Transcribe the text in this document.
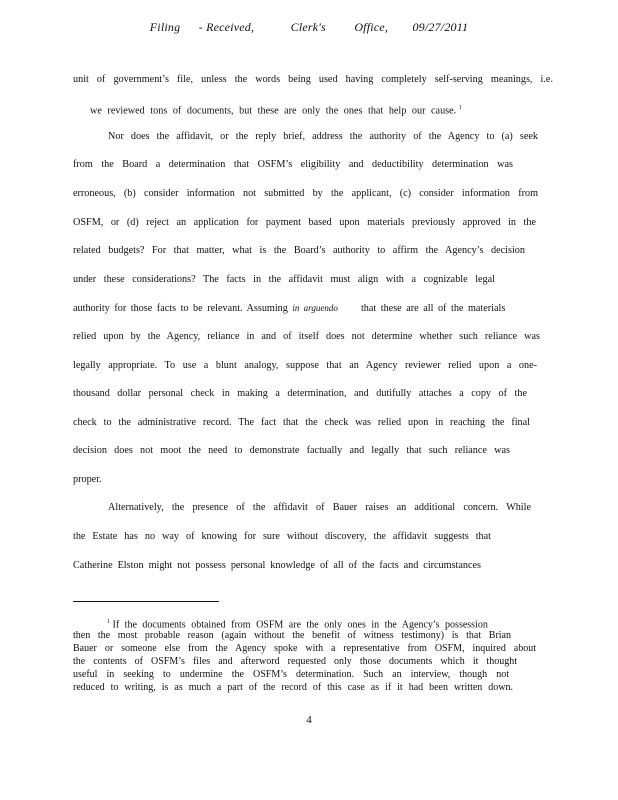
Filing - Received,	Clerk's Office, 09/27/2011
unit of government’s file, unless the words being used having completely self-serving meanings, i.e.
we reviewed tons of documents, but these are only the ones that help our cause. $^1$
Nor does the affidavit, or the reply brief, address the authority of the Agency to (a) seek
from the Board a determination that OSFM’s eligibility and deductibility determination was
erroneous, (b) consider information not submitted by the applicant, (c) consider information from
OSFM, or (d) reject an application for payment based upon materials previously approved in the
related budgets? For that matter, what is the Board’s authority to affirm the Agency’s decision
under these considerations? The facts in the affidavit must align with a cognizable legal
authority for those facts to be relevant. Assuming in arguendo that these are all of the materials
relied upon by the Agency, reliance in and of itself does not determine whether such reliance was
legally appropriate. To use a blunt analogy, suppose that an Agency reviewer relied upon a one-
thousand dollar personal check in making a determination, and dutifully attaches a copy of the
check to the administrative record. The fact that the check was relied upon in reaching the final
decision does not moot the need to demonstrate factually and legally that such reliance was
proper.
Alternatively, the presence of the affidavit of Bauer raises an additional concern. While
the Estate has no way of knowing for sure without discovery, the affidavit suggests that
Catherine Elston might not possess personal knowledge of all of the facts and circumstances
$^1$ If the documents obtained from OSFM are the only ones in the Agency’s possession
then the most probable reason (again without the benefit of witness testimony) is that Brian
Bauer or someone else from the Agency spoke with a representative from OSFM, inquired about
the contents of OSFM’s files and afterword requested only those documents which it thought
useful in seeking to undermine the OSFM’s determination. Such an interview, though not
reduced to writing, is as much a part of the record of this case as if it had been written down.
4
